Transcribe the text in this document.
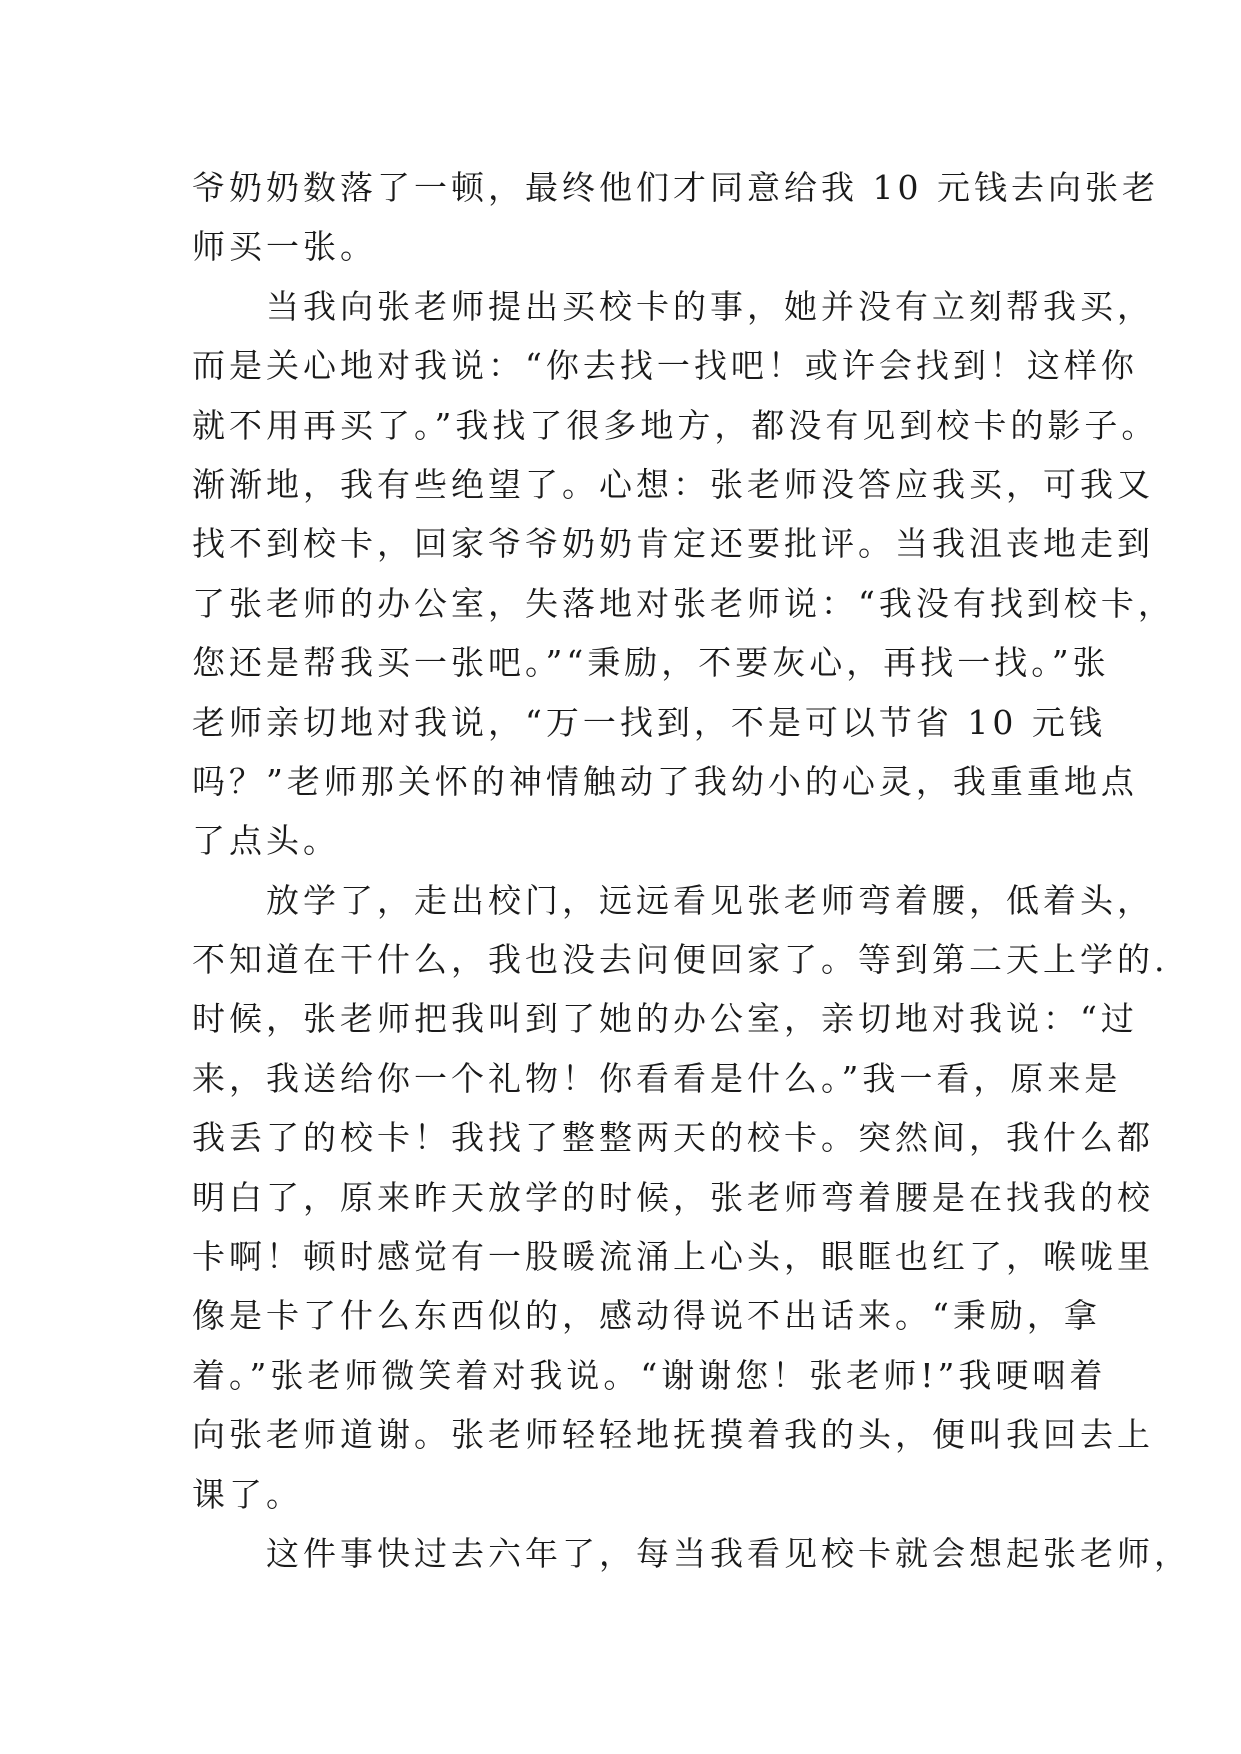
爷奶奶数落了一顿，最终他们才同意给我 10 元钱去向张老

师买一张。

　　当我向张老师提出买校卡的事，她并没有立刻帮我买，

而是关心地对我说：“你去找一找吧！或许会找到！这样你

就不用再买了。”我找了很多地方，都没有见到校卡的影子。

渐渐地，我有些绝望了。心想：张老师没答应我买，可我又

找不到校卡，回家爷爷奶奶肯定还要批评。当我沮丧地走到

了张老师的办公室，失落地对张老师说：“我没有找到校卡，

您还是帮我买一张吧。”“秉励，不要灰心，再找一找。”张

老师亲切地对我说，“万一找到，不是可以节省 10 元钱

吗？”老师那关怀的神情触动了我幼小的心灵，我重重地点

了点头。

　　放学了，走出校门，远远看见张老师弯着腰，低着头，

不知道在干什么，我也没去问便回家了。等到第二天上学的.

时候，张老师把我叫到了她的办公室，亲切地对我说：“过

来，我送给你一个礼物！你看看是什么。”我一看，原来是

我丢了的校卡！我找了整整两天的校卡。突然间，我什么都

明白了，原来昨天放学的时候，张老师弯着腰是在找我的校

卡啊！顿时感觉有一股暖流涌上心头，眼眶也红了，喉咙里

像是卡了什么东西似的，感动得说不出话来。“秉励，拿

着。”张老师微笑着对我说。“谢谢您！张老师!”我哽咽着

向张老师道谢。张老师轻轻地抚摸着我的头，便叫我回去上

课了。

　　这件事快过去六年了，每当我看见校卡就会想起张老师，
